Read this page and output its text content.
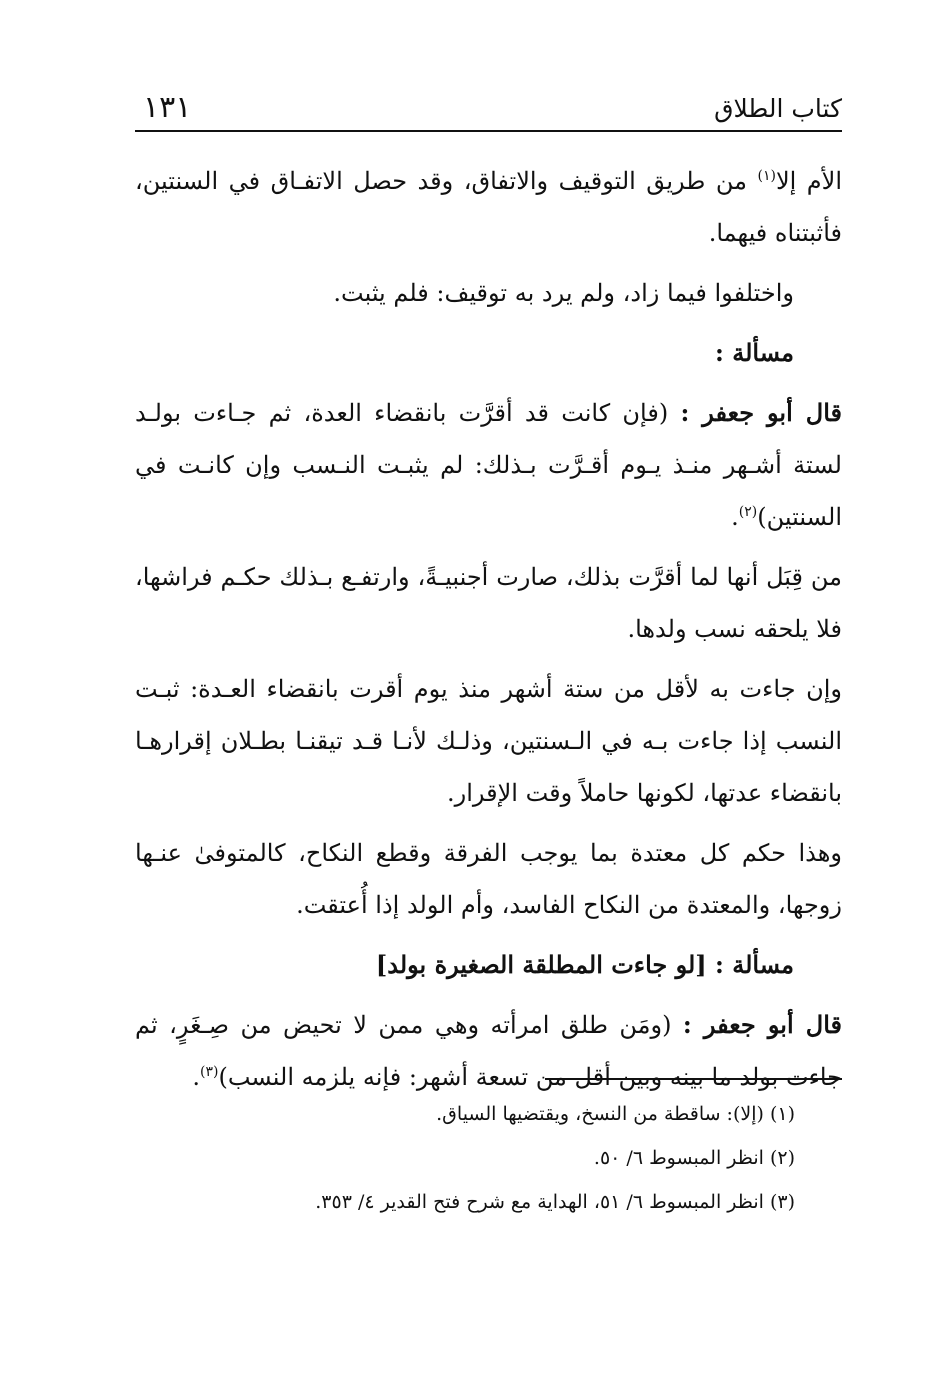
١٣١	كتاب الطلاق

الأم إلا$^{(١)}$ من طريق التوقيف والاتفاق، وقد حصل الاتفـاق في السنتين، فأثبتناه فيهما.

واختلفوا فيما زاد، ولم يرد به توقيف: فلم يثبت.

مسألة :

قال أبو جعفر : (فإن كانت قد أقرَّت بانقضاء العدة، ثم جـاءت بولـد لستة أشـهر منـذ يـوم أقـرَّت بـذلك: لم يثبـت النـسب وإن كانـت في السنتين)$^{(٢)}$.

من قِبَل أنها لما أقرَّت بذلك، صارت أجنبيـةً، وارتفـع بـذلك حكـم فراشها، فلا يلحقه نسب ولدها.

وإن جاءت به لأقل من ستة أشهر منذ يوم أقرت بانقضاء العـدة: ثبـت النسب إذا جاءت بـه في الـسنتين، وذلـك لأنـا قـد تيقنـا بطـلان إقرارهـا بانقضاء عدتها، لكونها حاملاً وقت الإقرار.

وهذا حكم كل معتدة بما يوجب الفرقة وقطع النكاح، كالمتوفىٰ عنـها زوجها، والمعتدة من النكاح الفاسد، وأم الولد إذا أُعتقت.

مسألة : [لو جاءت المطلقة الصغيرة بولد]

قال أبو جعفر : (ومَن طلق امرأته وهي ممن لا تحيض من صِـغَرٍ، ثم جاءت بولد ما بينه وبين أقل من تسعة أشهر: فإنه يلزمه النسب)$^{(٣)}$.

(١) (إلا): ساقطة من النسخ، ويقتضيها السياق.

(٢) انظر المبسوط ٦/ ٥٠.

(٣) انظر المبسوط ٦/ ٥١، الهداية مع شرح فتح القدير ٤/ ٣٥٣.
